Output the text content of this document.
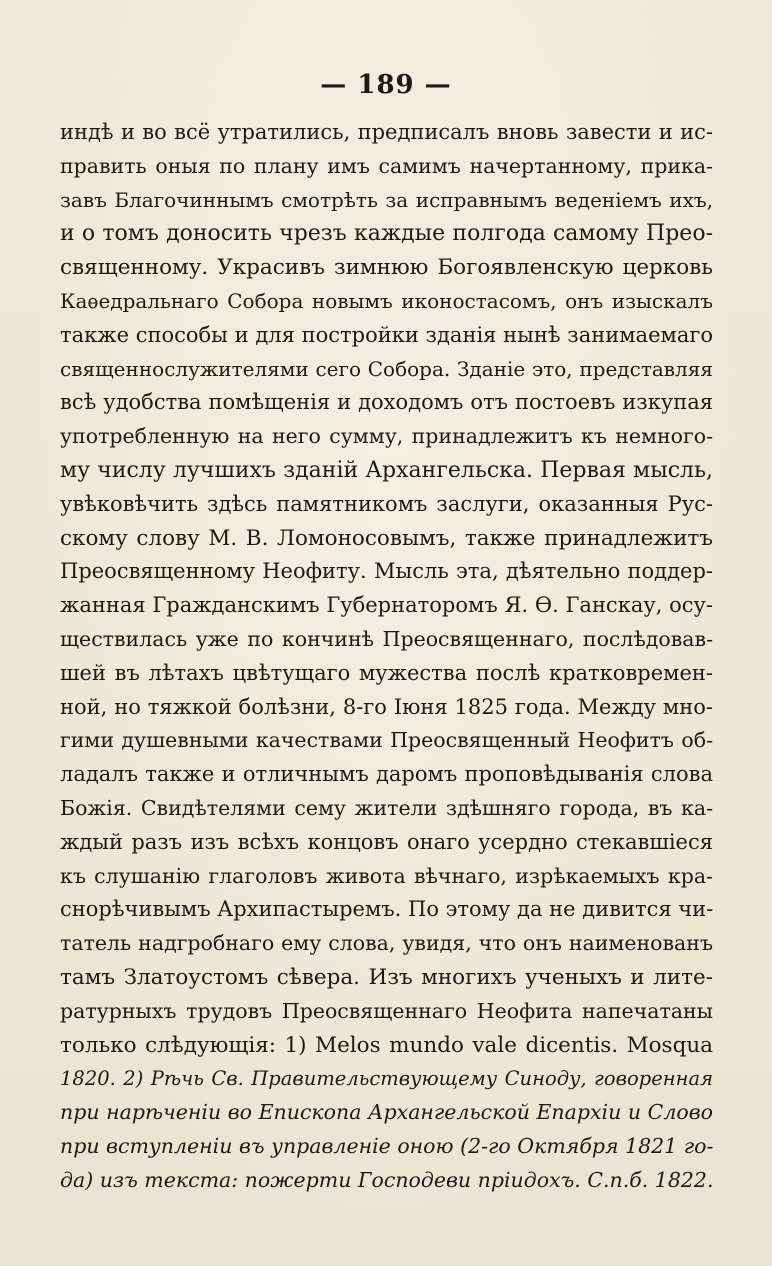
— 189 —
индѣ и во всё утратились, предписалъ вновь завести и ис-
править оныя по плану имъ самимъ начертанному, прика-
завъ Благочиннымъ смотрѣть за исправнымъ веденіемъ ихъ,
и о томъ доносить чрезъ каждые полгода самому Прео-
священному. Украсивъ зимнюю Богоявленскую церковь
Каѳедральнаго Собора новымъ иконостасомъ, онъ изыскалъ
также способы и для постройки зданія нынѣ занимаемаго
священнослужителями сего Собора. Зданіе это, представляя
всѣ удобства помѣщенія и доходомъ отъ постоевъ изкупая
употребленную на него сумму, принадлежитъ къ немного-
му числу лучшихъ зданій Архангельска. Первая мысль,
увѣковѣчить здѣсь памятникомъ заслуги, оказанныя Рус-
скому слову М. В. Ломоносовымъ, также принадлежитъ
Преосвященному Неофиту. Мысль эта, дѣятельно поддер-
жанная Гражданскимъ Губернаторомъ Я. Ѳ. Ганскау, осу-
ществилась уже по кончинѣ Преосвященнаго, послѣдовав-
шей въ лѣтахъ цвѣтущаго мужества послѣ кратковремен-
ной, но тяжкой болѣзни, 8-го Іюня 1825 года. Между мно-
гими душевными качествами Преосвященный Неофитъ об-
ладалъ также и отличнымъ даромъ проповѣдыванія слова
Божія. Свидѣтелями сему жители здѣшняго города, въ ка-
ждый разъ изъ всѣхъ концовъ онаго усердно стекавшіеся
къ слушанію глаголовъ живота вѣчнаго, изрѣкаемыхъ кра-
снорѣчивымъ Архипастыремъ. По этому да не дивится чи-
татель надгробнаго ему слова, увидя, что онъ наименованъ
тамъ Златоустомъ сѣвера. Изъ многихъ ученыхъ и лите-
ратурныхъ трудовъ Преосвященнаго Неофита напечатаны
только слѣдующія: 1) Melos mundo vale dicentis. Mosqua
1820. 2) Рѣчь Св. Правительствующему Синоду, говоренная
при нарѣченіи во Епископа Архангельской Епархіи и Слово
при вступленіи въ управленіе оною (2-го Октября 1821 го-
да) изъ текста: пожерти Господеви пріидохъ. С.п.б. 1822.
